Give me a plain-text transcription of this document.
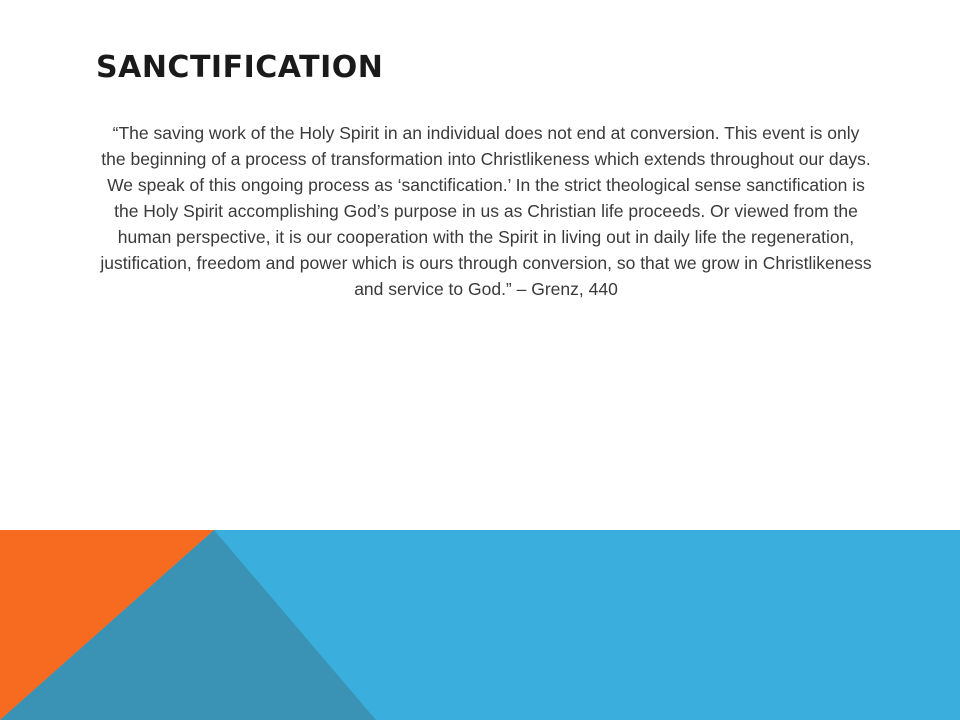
SANCTIFICATION

“The saving work of the Holy Spirit in an individual does not end at conversion. This event is only the beginning of a process of transformation into Christlikeness which extends throughout our days. We speak of this ongoing process as ‘sanctification.’ In the strict theological sense sanctification is the Holy Spirit accomplishing God’s purpose in us as Christian life proceeds. Or viewed from the human perspective, it is our cooperation with the Spirit in living out in daily life the regeneration, justification, freedom and power which is ours through conversion, so that we grow in Christlikeness and service to God.” – Grenz, 440
